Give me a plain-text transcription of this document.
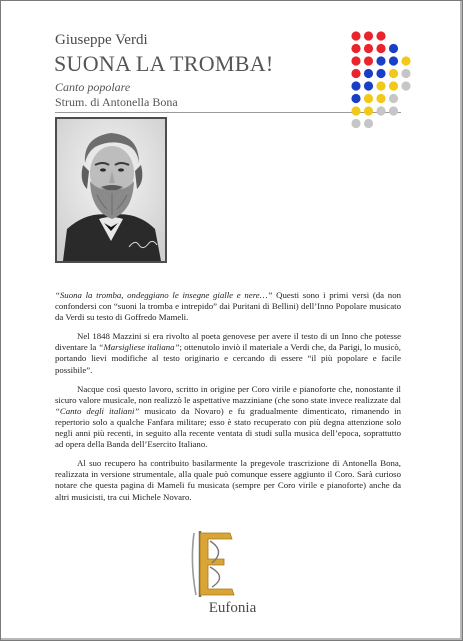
Giuseppe Verdi
SUONA LA TROMBA!
Canto popolare
Strum. di Antonella Bona

“Suona la tromba, ondeggiano le insegne gialle e nere…” Questi sono i primi versi (da non confondersi con “suoni la tromba e intrepido” dai Puritani di Bellini) dell’Inno Popolare musicato da Verdi su testo di Goffredo Mameli.

Nel 1848 Mazzini si era rivolto al poeta genovese per avere il testo di un Inno che potesse diventare la “Marsigliese italiana”; ottenutolo inviò il materiale a Verdi che, da Parigi, lo musicò, portando lievi modifiche al testo originario e cercando di essere “il più popolare e facile possibile”.

Nacque così questo lavoro, scritto in origine per Coro virile e pianoforte che, nonostante il sicuro valore musicale, non realizzò le aspettative mazziniane (che sono state invece realizzate dal “Canto degli italiani” musicato da Novaro) e fu gradualmente dimenticato, rimanendo in repertorio solo a qualche Fanfara militare; esso è stato recuperato con più degna attenzione solo negli anni più recenti, in seguito alla recente ventata di studi sulla musica dell’epoca, soprattutto ad opera della Banda dell’Esercito Italiano.

Al suo recupero ha contribuito basilarmente la pregevole trascrizione di Antonella Bona, realizzata in versione strumentale, alla quale può comunque essere aggiunto il Coro. Sarà curioso notare che questa pagina di Mameli fu musicata (sempre per Coro virile e pianoforte) anche da altri musicisti, tra cui Michele Novaro.

Eufonia
